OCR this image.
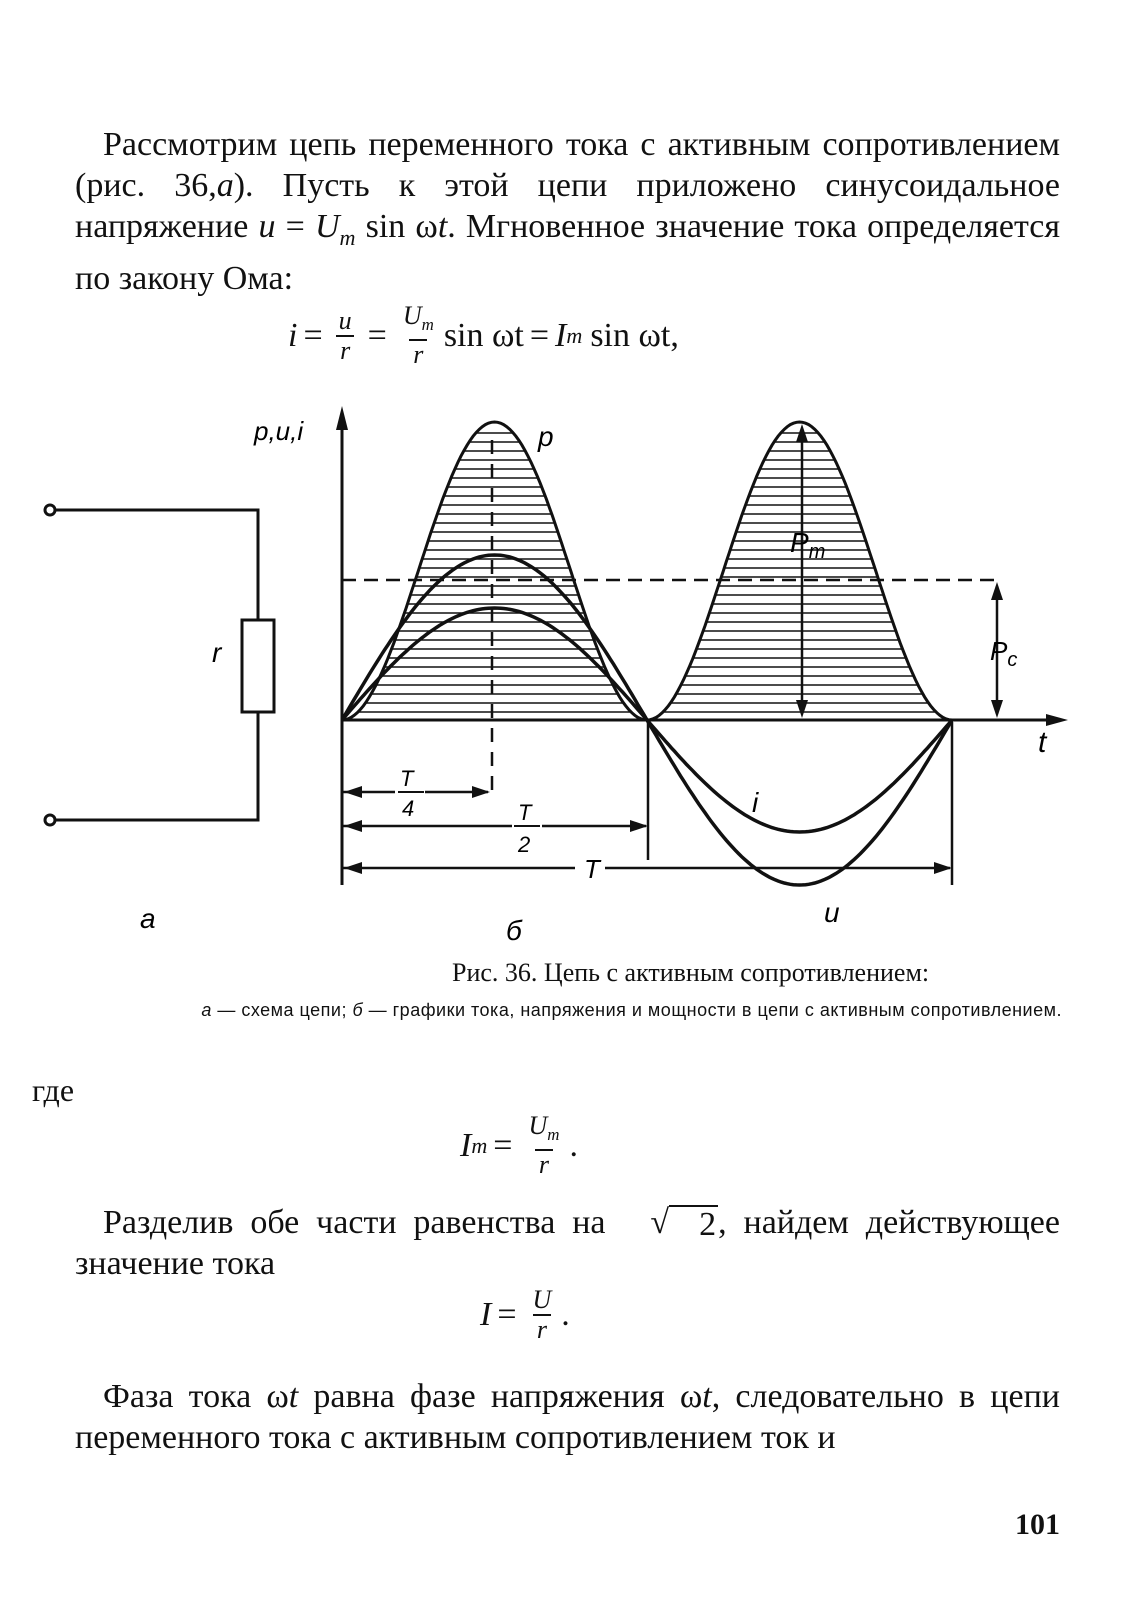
Рассмотрим цепь переменного тока с активным сопротивлением (рис. 36,a). Пусть к этой цепи приложено синусоидальное напряжение $u = U_m$ sin ωt. Мгновенное значение тока определяется по закону Ома:

$i = \frac{u}{r} = \frac{U_m}{r}$ sin ωt = I m sin ωt,
r
a
p,u,i
t
$P_m$
$P_c$
p
i
u
T
4	T
2
T
б
Рис. 36. Цепь с активным сопротивлением:
a — схема цепи; б — графики тока, напряжения и мощности в цепи с активным сопротивлением.
где
I $m = \frac{U_m}{r}$ .

Разделив обе части равенства на √ 2 , найдем действующее значение тока

$I = \frac{U}{r}$ .

Фаза тока ωt равна фазе напряжения ωt, следовательно в цепи переменного тока с активным сопротивлением ток и

101
